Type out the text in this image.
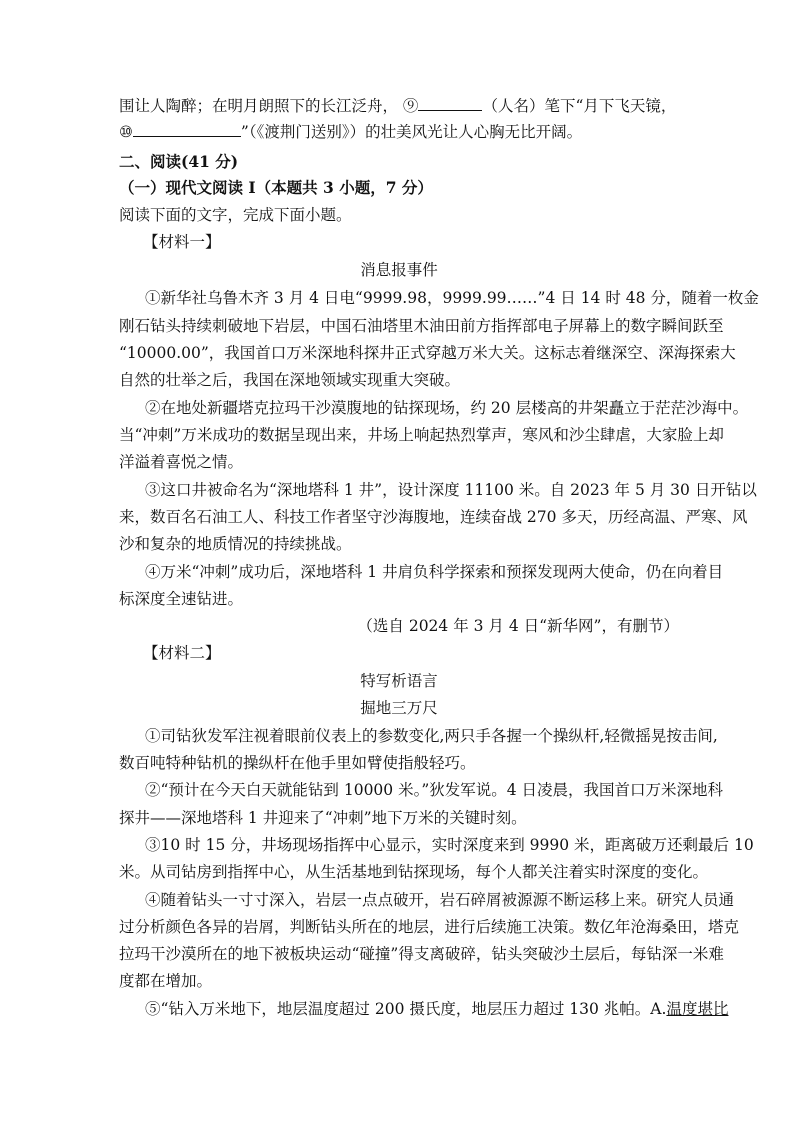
围让人陶醉；在明月朗照下的长江泛舟， ⑨	（人名）笔下“月下飞天镜，
⑩	”（《渡荆门送别》）的壮美风光让人心胸无比开阔。
二、阅读(41 分)
（一）现代文阅读 I（本题共 3 小题，7 分）
阅读下面的文字，完成下面小题。
【材料一】
消息报事件
①新华社乌鲁木齐 3 月 4 日电“9999.98，9999.99……”4 日 14 时 48 分，随着一枚金
刚石钻头持续刺破地下岩层，中国石油塔里木油田前方指挥部电子屏幕上的数字瞬间跃至
“10000.00”，我国首口万米深地科探井正式穿越万米大关。这标志着继深空、深海探索大
自然的壮举之后，我国在深地领域实现重大突破。
②在地处新疆塔克拉玛干沙漠腹地的钻探现场，约 20 层楼高的井架矗立于茫茫沙海中。
当“冲刺”万米成功的数据呈现出来，井场上响起热烈掌声，寒风和沙尘肆虐，大家脸上却
洋溢着喜悦之情。
③这口井被命名为“深地塔科 1 井”，设计深度 11100 米。自 2023 年 5 月 30 日开钻以
来，数百名石油工人、科技工作者坚守沙海腹地，连续奋战 270 多天，历经高温、严寒、风
沙和复杂的地质情况的持续挑战。
④万米“冲刺”成功后，深地塔科 1 井肩负科学探索和预探发现两大使命，仍在向着目
标深度全速钻进。
（选自 2024 年 3 月 4 日“新华网”，有删节）
【材料二】
特写析语言
掘地三万尺
①司钻狄发军注视着眼前仪表上的参数变化,两只手各握一个操纵杆,轻微摇晃按击间,
数百吨特种钻机的操纵杆在他手里如臂使指般轻巧。
②“预计在今天白天就能钻到 10000 米。”狄发军说。4 日凌晨，我国首口万米深地科
探井——深地塔科 1 井迎来了“冲刺”地下万米的关键时刻。
③10 时 15 分，井场现场指挥中心显示，实时深度来到 9990 米，距离破万还剩最后 10
米。从司钻房到指挥中心，从生活基地到钻探现场，每个人都关注着实时深度的变化。
④随着钻头一寸寸深入，岩层一点点破开，岩石碎屑被源源不断运移上来。研究人员通
过分析颜色各异的岩屑，判断钻头所在的地层，进行后续施工决策。数亿年沧海桑田，塔克
拉玛干沙漠所在的地下被板块运动“碰撞”得支离破碎，钻头突破沙土层后，每钻深一米难
度都在增加。
⑤“钻入万米地下，地层温度超过 200 摄氏度，地层压力超过 130 兆帕。A.温度堪比
